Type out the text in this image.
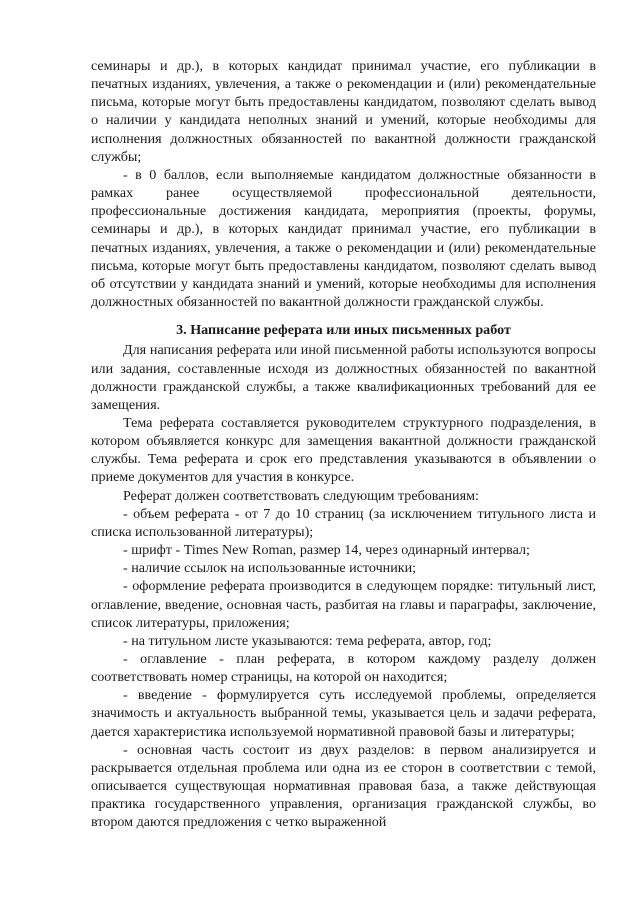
семинары и др.), в которых кандидат принимал участие, его публикации в печатных изданиях, увлечения, а также о рекомендации и (или) рекомендательные письма, которые могут быть предоставлены кандидатом, позволяют сделать вывод о наличии у кандидата неполных знаний и умений, которые необходимы для исполнения должностных обязанностей по вакантной должности гражданской службы;

- в 0 баллов, если выполняемые кандидатом должностные обязанности в рамках ранее осуществляемой профессиональной деятельности, профессиональные достижения кандидата, мероприятия (проекты, форумы, семинары и др.), в которых кандидат принимал участие, его публикации в печатных изданиях, увлечения, а также о рекомендации и (или) рекомендательные письма, которые могут быть предоставлены кандидатом, позволяют сделать вывод об отсутствии у кандидата знаний и умений, которые необходимы для исполнения должностных обязанностей по вакантной должности гражданской службы.

3. Написание реферата или иных письменных работ

Для написания реферата или иной письменной работы используются вопросы или задания, составленные исходя из должностных обязанностей по вакантной должности гражданской службы, а также квалификационных требований для ее замещения.

Тема реферата составляется руководителем структурного подразделения, в котором объявляется конкурс для замещения вакантной должности гражданской службы. Тема реферата и срок его представления указываются в объявлении о приеме документов для участия в конкурсе.

Реферат должен соответствовать следующим требованиям:

- объем реферата - от 7 до 10 страниц (за исключением титульного листа и списка использованной литературы);

- шрифт - Times New Roman, размер 14, через одинарный интервал;

- наличие ссылок на использованные источники;

- оформление реферата производится в следующем порядке: титульный лист, оглавление, введение, основная часть, разбитая на главы и параграфы, заключение, список литературы, приложения;

- на титульном листе указываются: тема реферата, автор, год;

- оглавление - план реферата, в котором каждому разделу должен соответствовать номер страницы, на которой он находится;

- введение - формулируется суть исследуемой проблемы, определяется значимость и актуальность выбранной темы, указывается цель и задачи реферата, дается характеристика используемой нормативной правовой базы и литературы;

- основная часть состоит из двух разделов: в первом анализируется и раскрывается отдельная проблема или одна из ее сторон в соответствии с темой, описывается существующая нормативная правовая база, а также действующая практика государственного управления, организация гражданской службы, во втором даются предложения с четко выраженной
